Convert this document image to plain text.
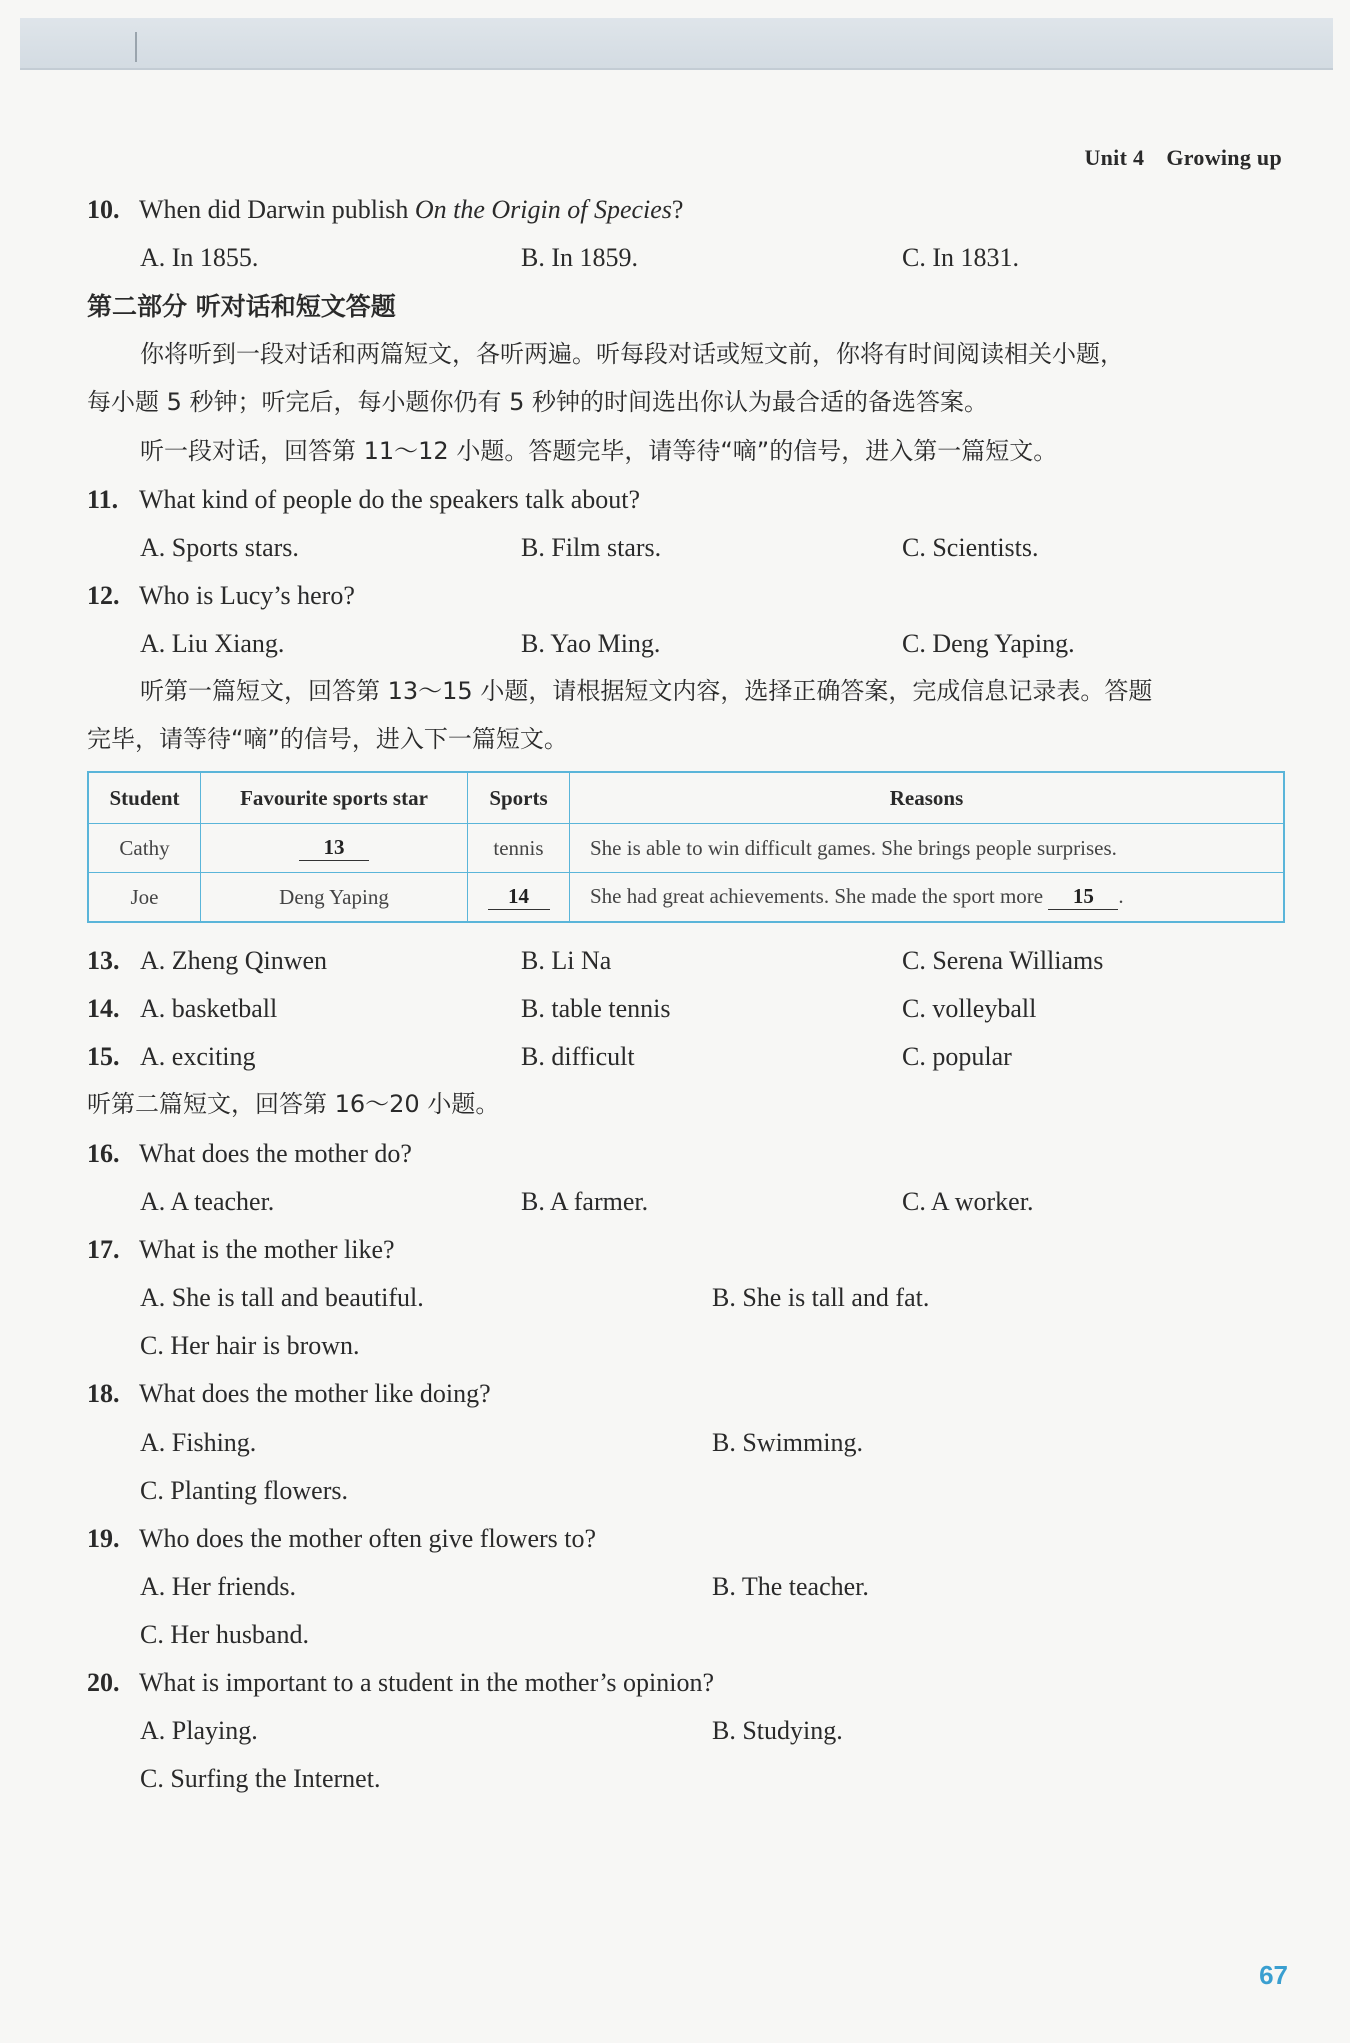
Unit 4 Growing up
10. When did Darwin publish On the Origin of Species?
A. In 1855.	B. In 1859.	C. In 1831.
第二部分 听对话和短文答题
你将听到一段对话和两篇短文，各听两遍。听每段对话或短文前，你将有时间阅读相关小题，
每小题 5 秒钟；听完后，每小题你仍有 5 秒钟的时间选出你认为最合适的备选答案。
听一段对话，回答第 11～12 小题。答题完毕，请等待“嘀”的信号，进入第一篇短文。
11. What kind of people do the speakers talk about?
A. Sports stars.	B. Film stars.	C. Scientists.
12. Who is Lucy’s hero?
A. Liu Xiang.	B. Yao Ming.	C. Deng Yaping.
听第一篇短文，回答第 13～15 小题，请根据短文内容，选择正确答案，完成信息记录表。答题
完毕，请等待“嘀”的信号，进入下一篇短文。
Student	Favourite sports star	Sports	Reasons
Cathy	13	tennis	She is able to win difficult games. She brings people surprises.
Joe	Deng Yaping	14	She had great achievements. She made the sport more 15 .
13. A. Zheng Qinwen	B. Li Na	C. Serena Williams
14. A. basketball	B. table tennis	C. volleyball
15. A. exciting	B. difficult	C. popular
听第二篇短文，回答第 16～20 小题。
16. What does the mother do?
A. A teacher.	B. A farmer.	C. A worker.
17. What is the mother like?
A. She is tall and beautiful.	B. She is tall and fat.
C. Her hair is brown.
18. What does the mother like doing?
A. Fishing.	B. Swimming.
C. Planting flowers.
19. Who does the mother often give flowers to?
A. Her friends.	B. The teacher.
C. Her husband.
20. What is important to a student in the mother’s opinion?
A. Playing.	B. Studying.
C. Surfing the Internet.
67
